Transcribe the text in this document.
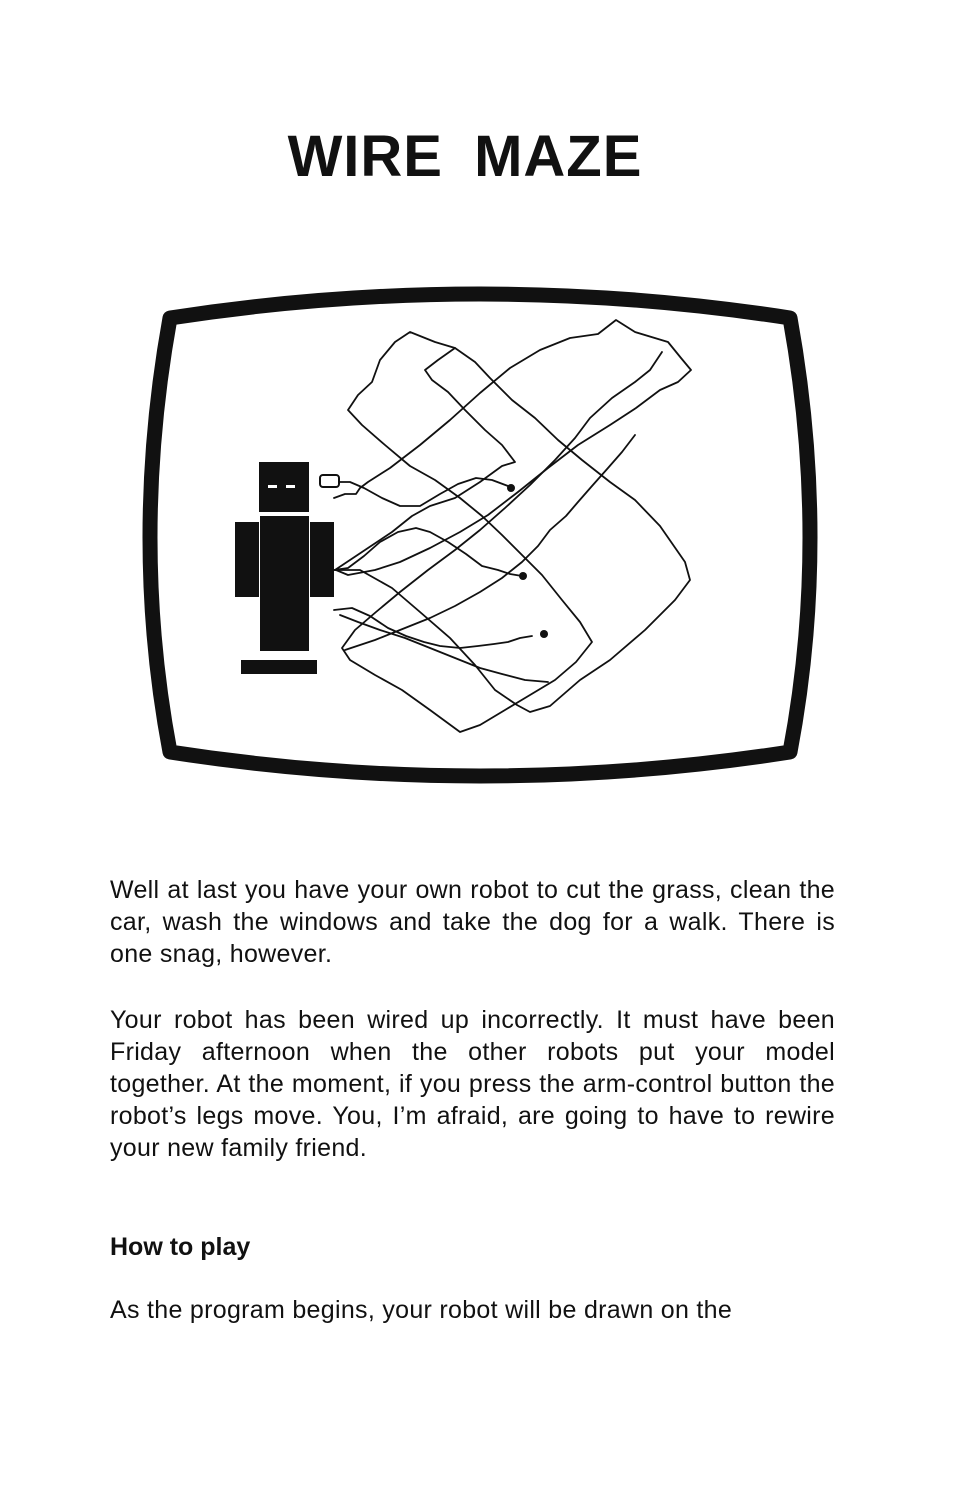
WIRE MAZE

Well at last you have your own robot to cut the grass, clean the car, wash the windows and take the dog for a walk. There is one snag, however.

Your robot has been wired up incorrectly. It must have been Friday afternoon when the other robots put your model together. At the moment, if you press the arm-control button the robot’s legs move. You, I’m afraid, are going to have to rewire your new family friend.

How to play

As the program begins, your robot will be drawn on the
